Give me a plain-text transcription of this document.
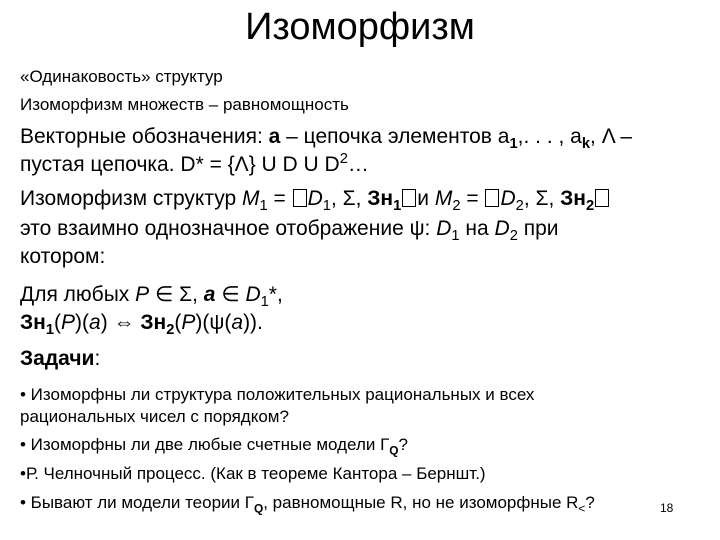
Изоморфизм
«Одинаковость» структур
Изоморфизм множеств – равномощность
Векторные обозначения: а – цепочка элементов $а_1$,. . . , $а_k$, Λ –
пустая цепочка. D* = {Λ} U D U $D^2\dots$
Изоморфизм структур $M_1 = D_1$, Σ, $Зн_1$ и $M_2 = D_2$, Σ, $Зн_2$
это взаимно однозначное отображение ψ: $D_1$ на $D_2$ при
котором:
Для любых P ∈ Σ, а ∈ $D_1*$,
$Зн_1(P)(а)$ ⇔ $Зн_2(P)(\psi(а))$.
Задачи:
• Изоморфны ли структура положительных рациональных и всех
рациональных чисел с порядком?
• Изоморфны ли две любые счетные модели $Г_Q$?
•Р. Челночный процесс. (Как в теореме Кантора – Берншт.)
• Бывают ли модели теории $Г_Q$, равномощные R, но не изоморфные $R_<$?	18
